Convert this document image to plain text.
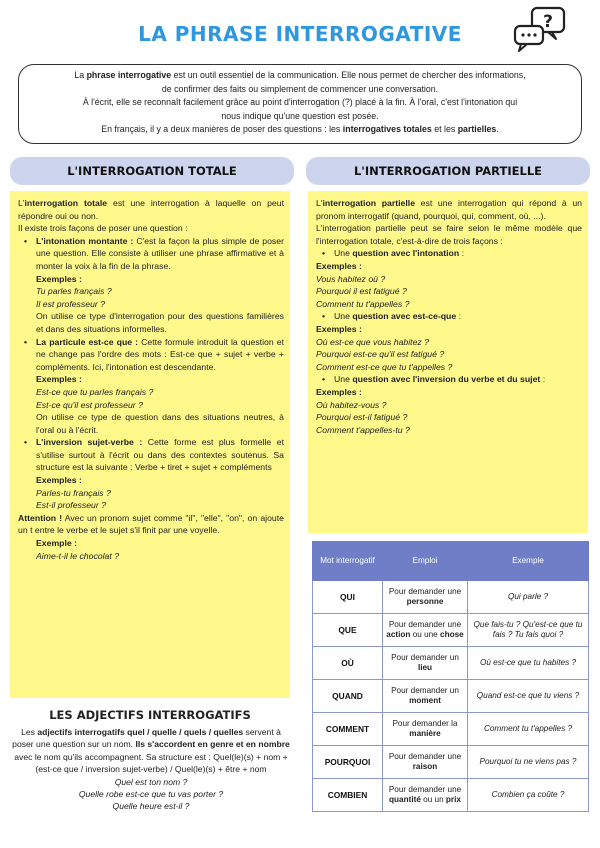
LA PHRASE INTERROGATIVE	?

La phrase interrogative est un outil essentiel de la communication. Elle nous permet de chercher des informations,

de confirmer des faits ou simplement de commencer une conversation.

À l'écrit, elle se reconnaît facilement grâce au point d'interrogation (?) placé à la fin. À l'oral, c'est l'intonation qui

nous indique qu'une question est posée.

En français, il y a deux manières de poser des questions : les interrogatives totales et les partielles.

L'INTERROGATION TOTALE	L'INTERROGATION PARTIELLE

L'interrogation totale est une interrogation à laquelle on peut répondre oui ou non.

Il existe trois façons de poser une question :

• L'intonation montante : C'est la façon la plus simple de poser une question. Elle consiste à utiliser une phrase affirmative et à monter la voix à la fin de la phrase.

Exemples :

Tu parles français ?

Il est professeur ?

On utilise ce type d'interrogation pour des questions familières et dans des situations informelles.

• La particule est-ce que : Cette formule introduit la question et ne change pas l'ordre des mots : Est-ce que + sujet + verbe + compléments. Ici, l'intonation est descendante.

Exemples :

Est-ce que tu parles français ?

Est-ce qu'il est professeur ?

On utilise ce type de question dans des situations neutres, à l'oral ou à l'écrit.

• L'inversion sujet-verbe : Cette forme est plus formelle et s'utilise surtout à l'écrit ou dans des contextes soutenus. Sa structure est la suivante : Verbe + tiret + sujet + compléments

Exemples :

Parles-tu français ?

Est-il professeur ?

Attention ! Avec un pronom sujet comme "il", "elle", "on", on ajoute un t entre le verbe et le sujet s'il finit par une voyelle.

Exemple :

Aime-t-il le chocolat ?

LES ADJECTIFS INTERROGATIFS

Les adjectifs interrogatifs quel / quelle / quels / quelles servent à poser une question sur un nom. Ils s'accordent en genre et en nombre avec le nom qu'ils accompagnent. Sa structure est : Quel(le)(s) + nom + (est-ce que / inversion sujet-verbe) / Quel(le)(s) + être + nom

Quel est ton nom ?
Quelle robe est-ce que tu vas porter ?
Quelle heure est-il ?

L'interrogation partielle est une interrogation qui répond à un pronom interrogatif (quand, pourquoi, qui, comment, où, ...).

L'interrogation partielle peut se faire selon le même modèle que l'interrogation totale, c'est-à-dire de trois façons :

• Une question avec l'intonation :

Exemples :

Vous habitez où ?

Pourquoi il est fatigué ?

Comment tu t'appelles ?

• Une question avec est-ce-que :

Exemples :

Où est-ce que vous habitez ?

Pourquoi est-ce qu'il est fatigué ?

Comment est-ce que tu t'appelles ?

• Une question avec l'inversion du verbe et du sujet :

Exemples :

Où habitez-vous ?

Pourquoi est-il fatigué ?

Comment t'appelles-tu ?

Mot interrogatif	Emploi	Exemple
QUI	Pour demander une personne	Qui parle ?
QUE	Pour demander une action ou une chose	Que fais-tu ? Qu'est-ce que tu fais ? Tu fais quoi ?
OÙ	Pour demander un lieu	Où est-ce que tu habites ?
QUAND	Pour demander un moment	Quand est-ce que tu viens ?
COMMENT	Pour demander la manière	Comment tu t'appelles ?
POURQUOI	Pour demander une raison	Pourquoi tu ne viens pas ?
COMBIEN	Pour demander une quantité ou un prix	Combien ça coûte ?
